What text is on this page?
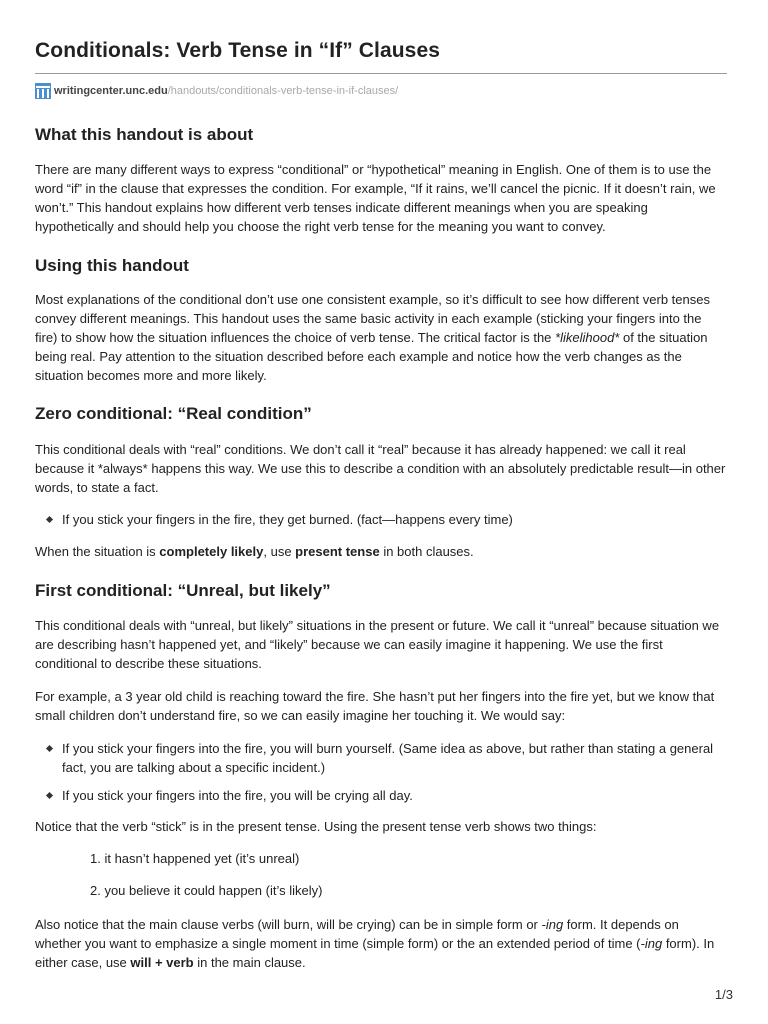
Conditionals: Verb Tense in “If” Clauses
writingcenter.unc.edu /handouts/conditionals-verb-tense-in-if-clauses/
What this handout is about

There are many different ways to express “conditional” or “hypothetical” meaning in English. One of them is to use the word “if” in the clause that expresses the condition. For example, “If it rains, we’ll cancel the picnic. If it doesn’t rain, we won’t.” This handout explains how different verb tenses indicate different meanings when you are speaking hypothetically and should help you choose the right verb tense for the meaning you want to convey.

Using this handout

Most explanations of the conditional don’t use one consistent example, so it’s difficult to see how different verb tenses convey different meanings. This handout uses the same basic activity in each example (sticking your fingers into the fire) to show how the situation influences the choice of verb tense. The critical factor is the *likelihood* of the situation being real. Pay attention to the situation described before each example and notice how the verb changes as the situation becomes more and more likely.

Zero conditional: “Real condition”

This conditional deals with “real” conditions. We don’t call it “real” because it has already happened: we call it real because it *always* happens this way. We use this to describe a condition with an absolutely predictable result—in other words, to state a fact.

If you stick your fingers in the fire, they get burned. (fact—happens every time)

When the situation is completely likely, use present tense in both clauses.

First conditional: “Unreal, but likely”

This conditional deals with “unreal, but likely” situations in the present or future. We call it “unreal” because situation we are describing hasn’t happened yet, and “likely” because we can easily imagine it happening. We use the first conditional to describe these situations.

For example, a 3 year old child is reaching toward the fire. She hasn’t put her fingers into the fire yet, but we know that small children don’t understand fire, so we can easily imagine her touching it. We would say:

If you stick your fingers into the fire, you will burn yourself. (Same idea as above, but rather than stating a general fact, you are talking about a specific incident.)
If you stick your fingers into the fire, you will be crying all day.

Notice that the verb “stick” is in the present tense. Using the present tense verb shows two things:

1. it hasn’t happened yet (it’s unreal)
2. you believe it could happen (it’s likely)

Also notice that the main clause verbs (will burn, will be crying) can be in simple form or -ing form. It depends on whether you want to emphasize a single moment in time (simple form) or the an extended period of time (-ing form). In either case, use will + verb in the main clause.

1/3
